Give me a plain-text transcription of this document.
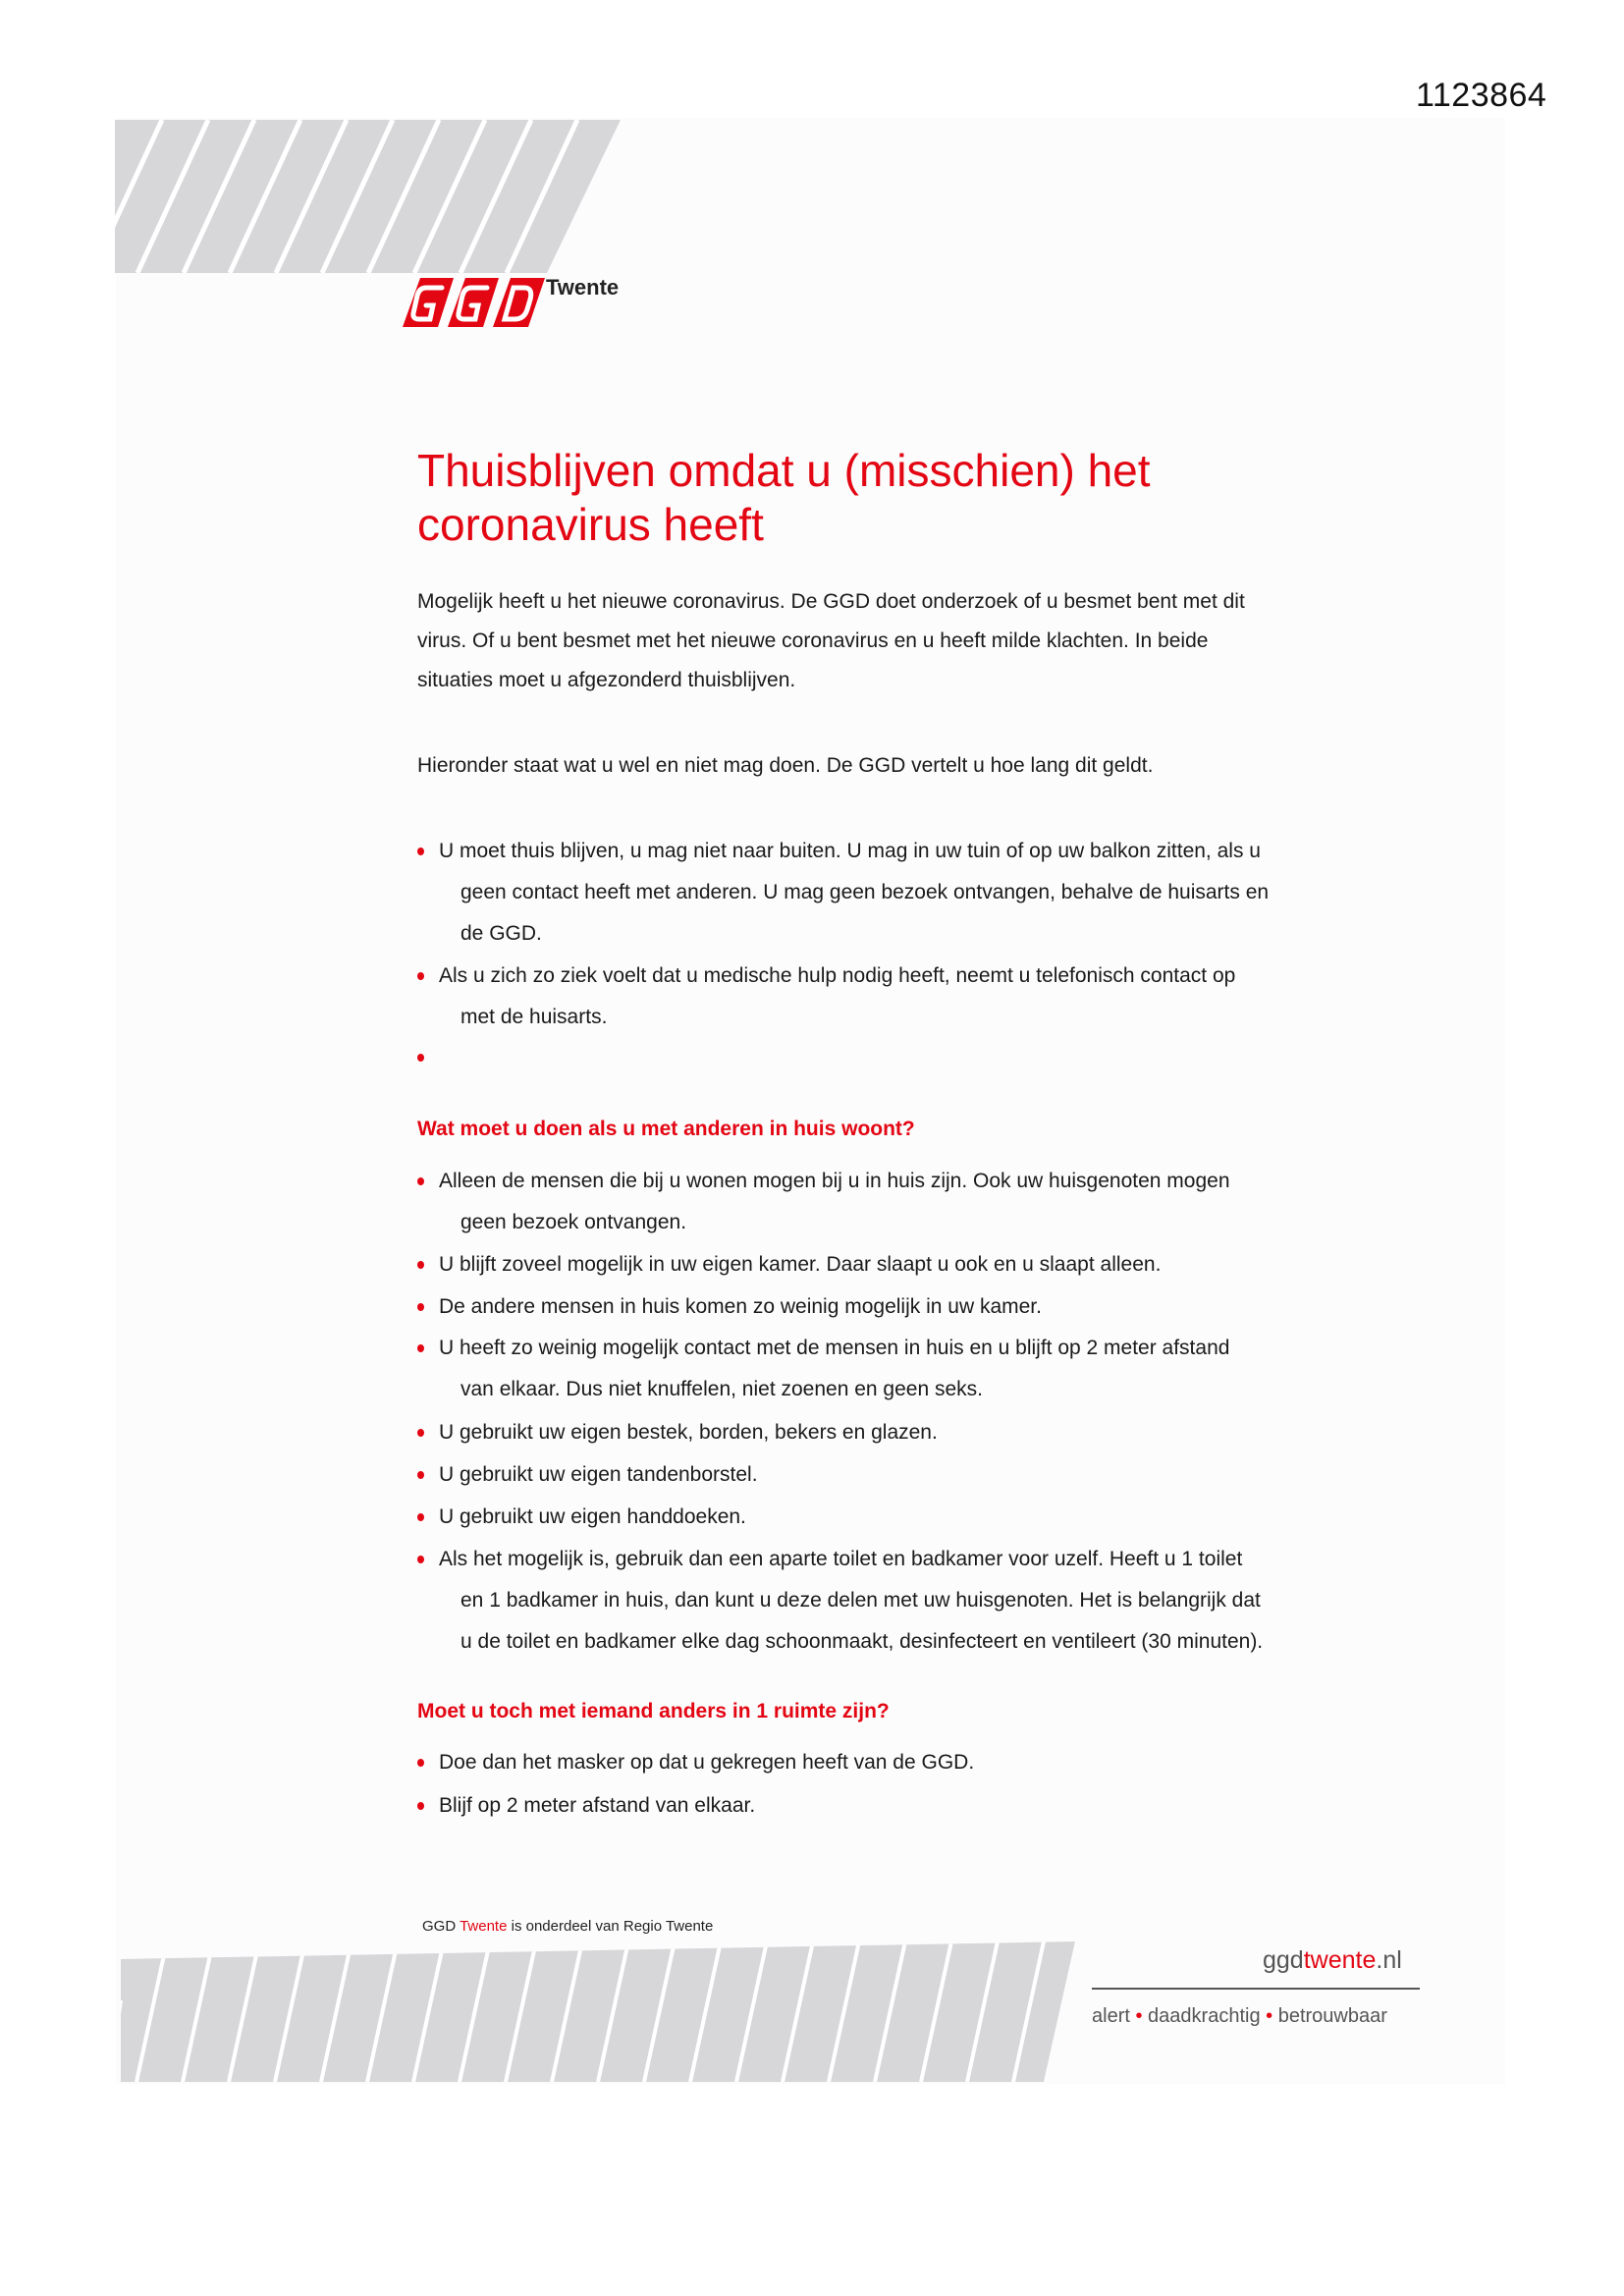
1123864
Twente
Thuisblijven omdat u (misschien) het
coronavirus heeft

Mogelijk heeft u het nieuwe coronavirus. De GGD doet onderzoek of u besmet bent met dit
virus. Of u bent besmet met het nieuwe coronavirus en u heeft milde klachten. In beide
situaties moet u afgezonderd thuisblijven.

Hieronder staat wat u wel en niet mag doen. De GGD vertelt u hoe lang dit geldt.

U moet thuis blijven, u mag niet naar buiten. U mag in uw tuin of op uw balkon zitten, als u
geen contact heeft met anderen. U mag geen bezoek ontvangen, behalve de huisarts en
de GGD.
Als u zich zo ziek voelt dat u medische hulp nodig heeft, neemt u telefonisch contact op
met de huisarts.
Wat moet u doen als u met anderen in huis woont?
Alleen de mensen die bij u wonen mogen bij u in huis zijn. Ook uw huisgenoten mogen
geen bezoek ontvangen.
U blijft zoveel mogelijk in uw eigen kamer. Daar slaapt u ook en u slaapt alleen.
De andere mensen in huis komen zo weinig mogelijk in uw kamer.
U heeft zo weinig mogelijk contact met de mensen in huis en u blijft op 2 meter afstand
van elkaar. Dus niet knuffelen, niet zoenen en geen seks.
U gebruikt uw eigen bestek, borden, bekers en glazen.
U gebruikt uw eigen tandenborstel.
U gebruikt uw eigen handdoeken.
Als het mogelijk is, gebruik dan een aparte toilet en badkamer voor uzelf. Heeft u 1 toilet
en 1 badkamer in huis, dan kunt u deze delen met uw huisgenoten. Het is belangrijk dat
u de toilet en badkamer elke dag schoonmaakt, desinfecteert en ventileert (30 minuten).
Moet u toch met iemand anders in 1 ruimte zijn?
Doe dan het masker op dat u gekregen heeft van de GGD.
Blijf op 2 meter afstand van elkaar.
GGD Twente is onderdeel van Regio Twente
ggdtwente.nl
alert • daadkrachtig • betrouwbaar
